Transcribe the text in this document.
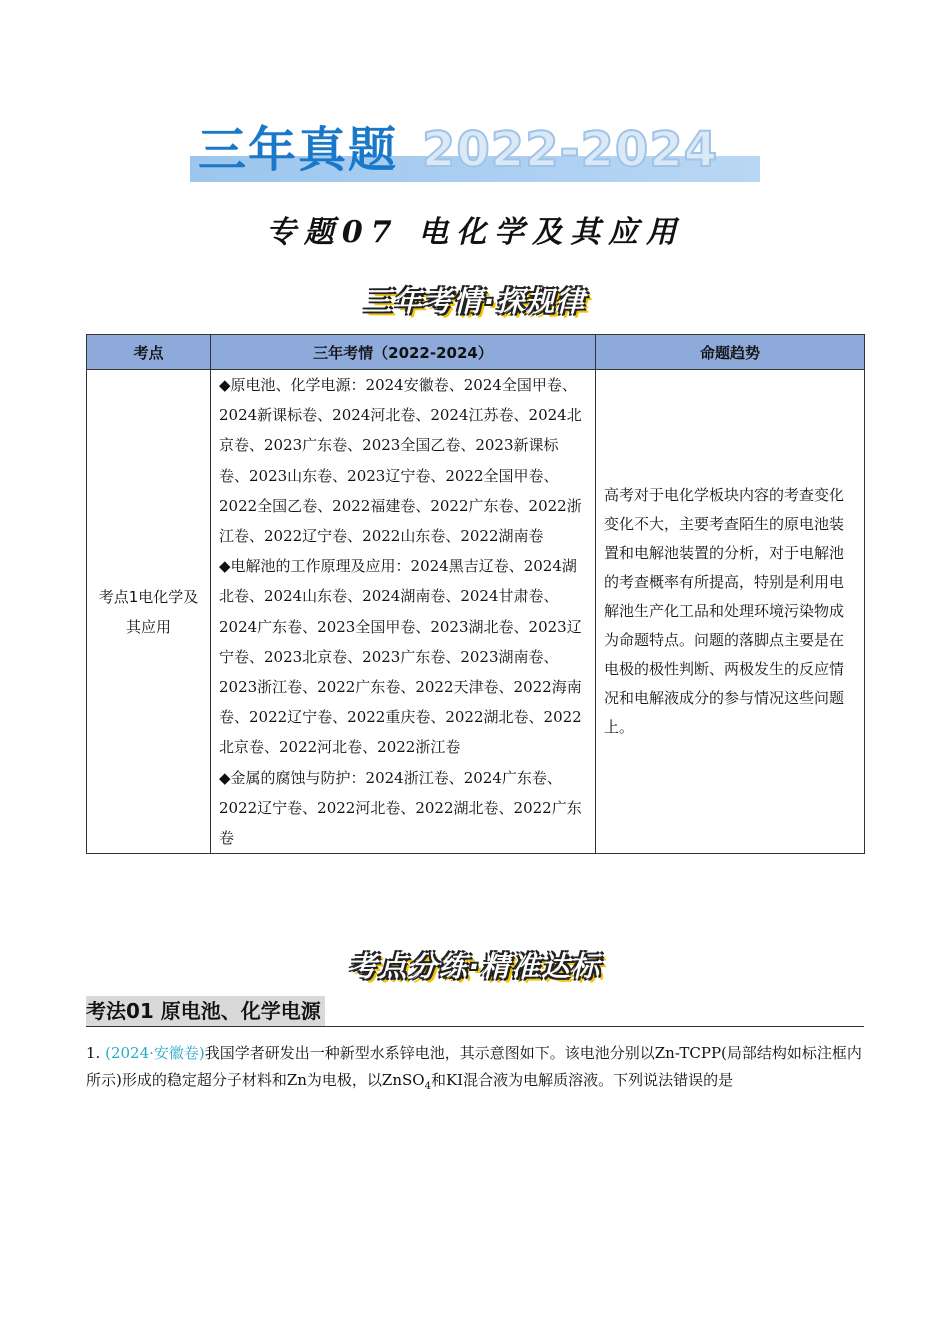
三年真题 2022-2024
专题07 电化学及其应用
三年考情·探规律
考点	三年考情（2022-2024）	命题趋势

考点1电化学及其应用	◆原电池、化学电源：2024安徽卷、2024全国甲卷、2024新课标卷、2024河北卷、2024江苏卷、2024北京卷、2023广东卷、2023全国乙卷、2023新课标卷、2023山东卷、2023辽宁卷、2022全国甲卷、2022全国乙卷、2022福建卷、2022广东卷、2022浙江卷、2022辽宁卷、2022山东卷、2022湖南卷
◆电解池的工作原理及应用：2024黑吉辽卷、2024湖北卷、2024山东卷、2024湖南卷、2024甘肃卷、2024广东卷、2023全国甲卷、2023湖北卷、2023辽宁卷、2023北京卷、2023广东卷、2023湖南卷、2023浙江卷、2022广东卷、2022天津卷、2022海南卷、2022辽宁卷、2022重庆卷、2022湖北卷、2022北京卷、2022河北卷、2022浙江卷
◆金属的腐蚀与防护：2024浙江卷、2024广东卷、2022辽宁卷、2022河北卷、2022湖北卷、2022广东卷	高考对于电化学板块内容的考查变化变化不大，主要考查陌生的原电池装置和电解池装置的分析，对于电解池的考查概率有所提高，特别是利用电解池生产化工品和处理环境污染物成为命题特点。问题的落脚点主要是在电极的极性判断、两极发生的反应情况和电解液成分的参与情况这些问题上。
考点分练·精准达标
考法01 原电池、化学电源
1. (2024·安徽卷)我国学者研发出一种新型水系锌电池，其示意图如下。该电池分别以Zn-TCPP(局部结构如标注框内所示)形成的稳定超分子材料和Zn为电极，以ZnSO$_4$和KI混合液为电解质溶液。下列说法错误的是
